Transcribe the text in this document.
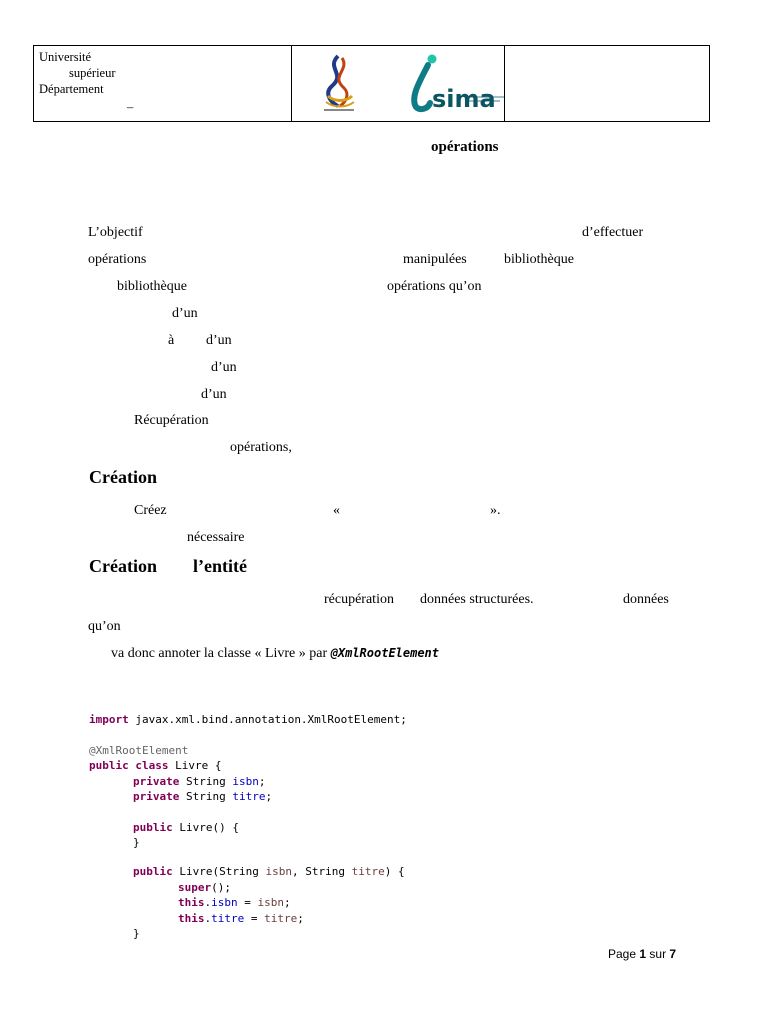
Université
supérieur
Département
–	sima
opérations
L’objectif	d’effectuer
opérations	manipulées	bibliothèque
bibliothèque	opérations qu’on
d’un
à d’un
d’un
d’un
Récupération
opérations,
Création
Créez	«	».
nécessaire
Création l’entité
récupération données structurées.	données
qu’on
va donc annoter la classe « Livre » par @XmlRootElement
import javax.xml.bind.annotation.XmlRootElement;
@XmlRootElement
public class Livre {
private String isbn;
private String titre;
public Livre() {
}
public Livre(String isbn, String titre) {
super();
this.isbn = isbn;
this.titre = titre;
}
Page 1 sur 7
